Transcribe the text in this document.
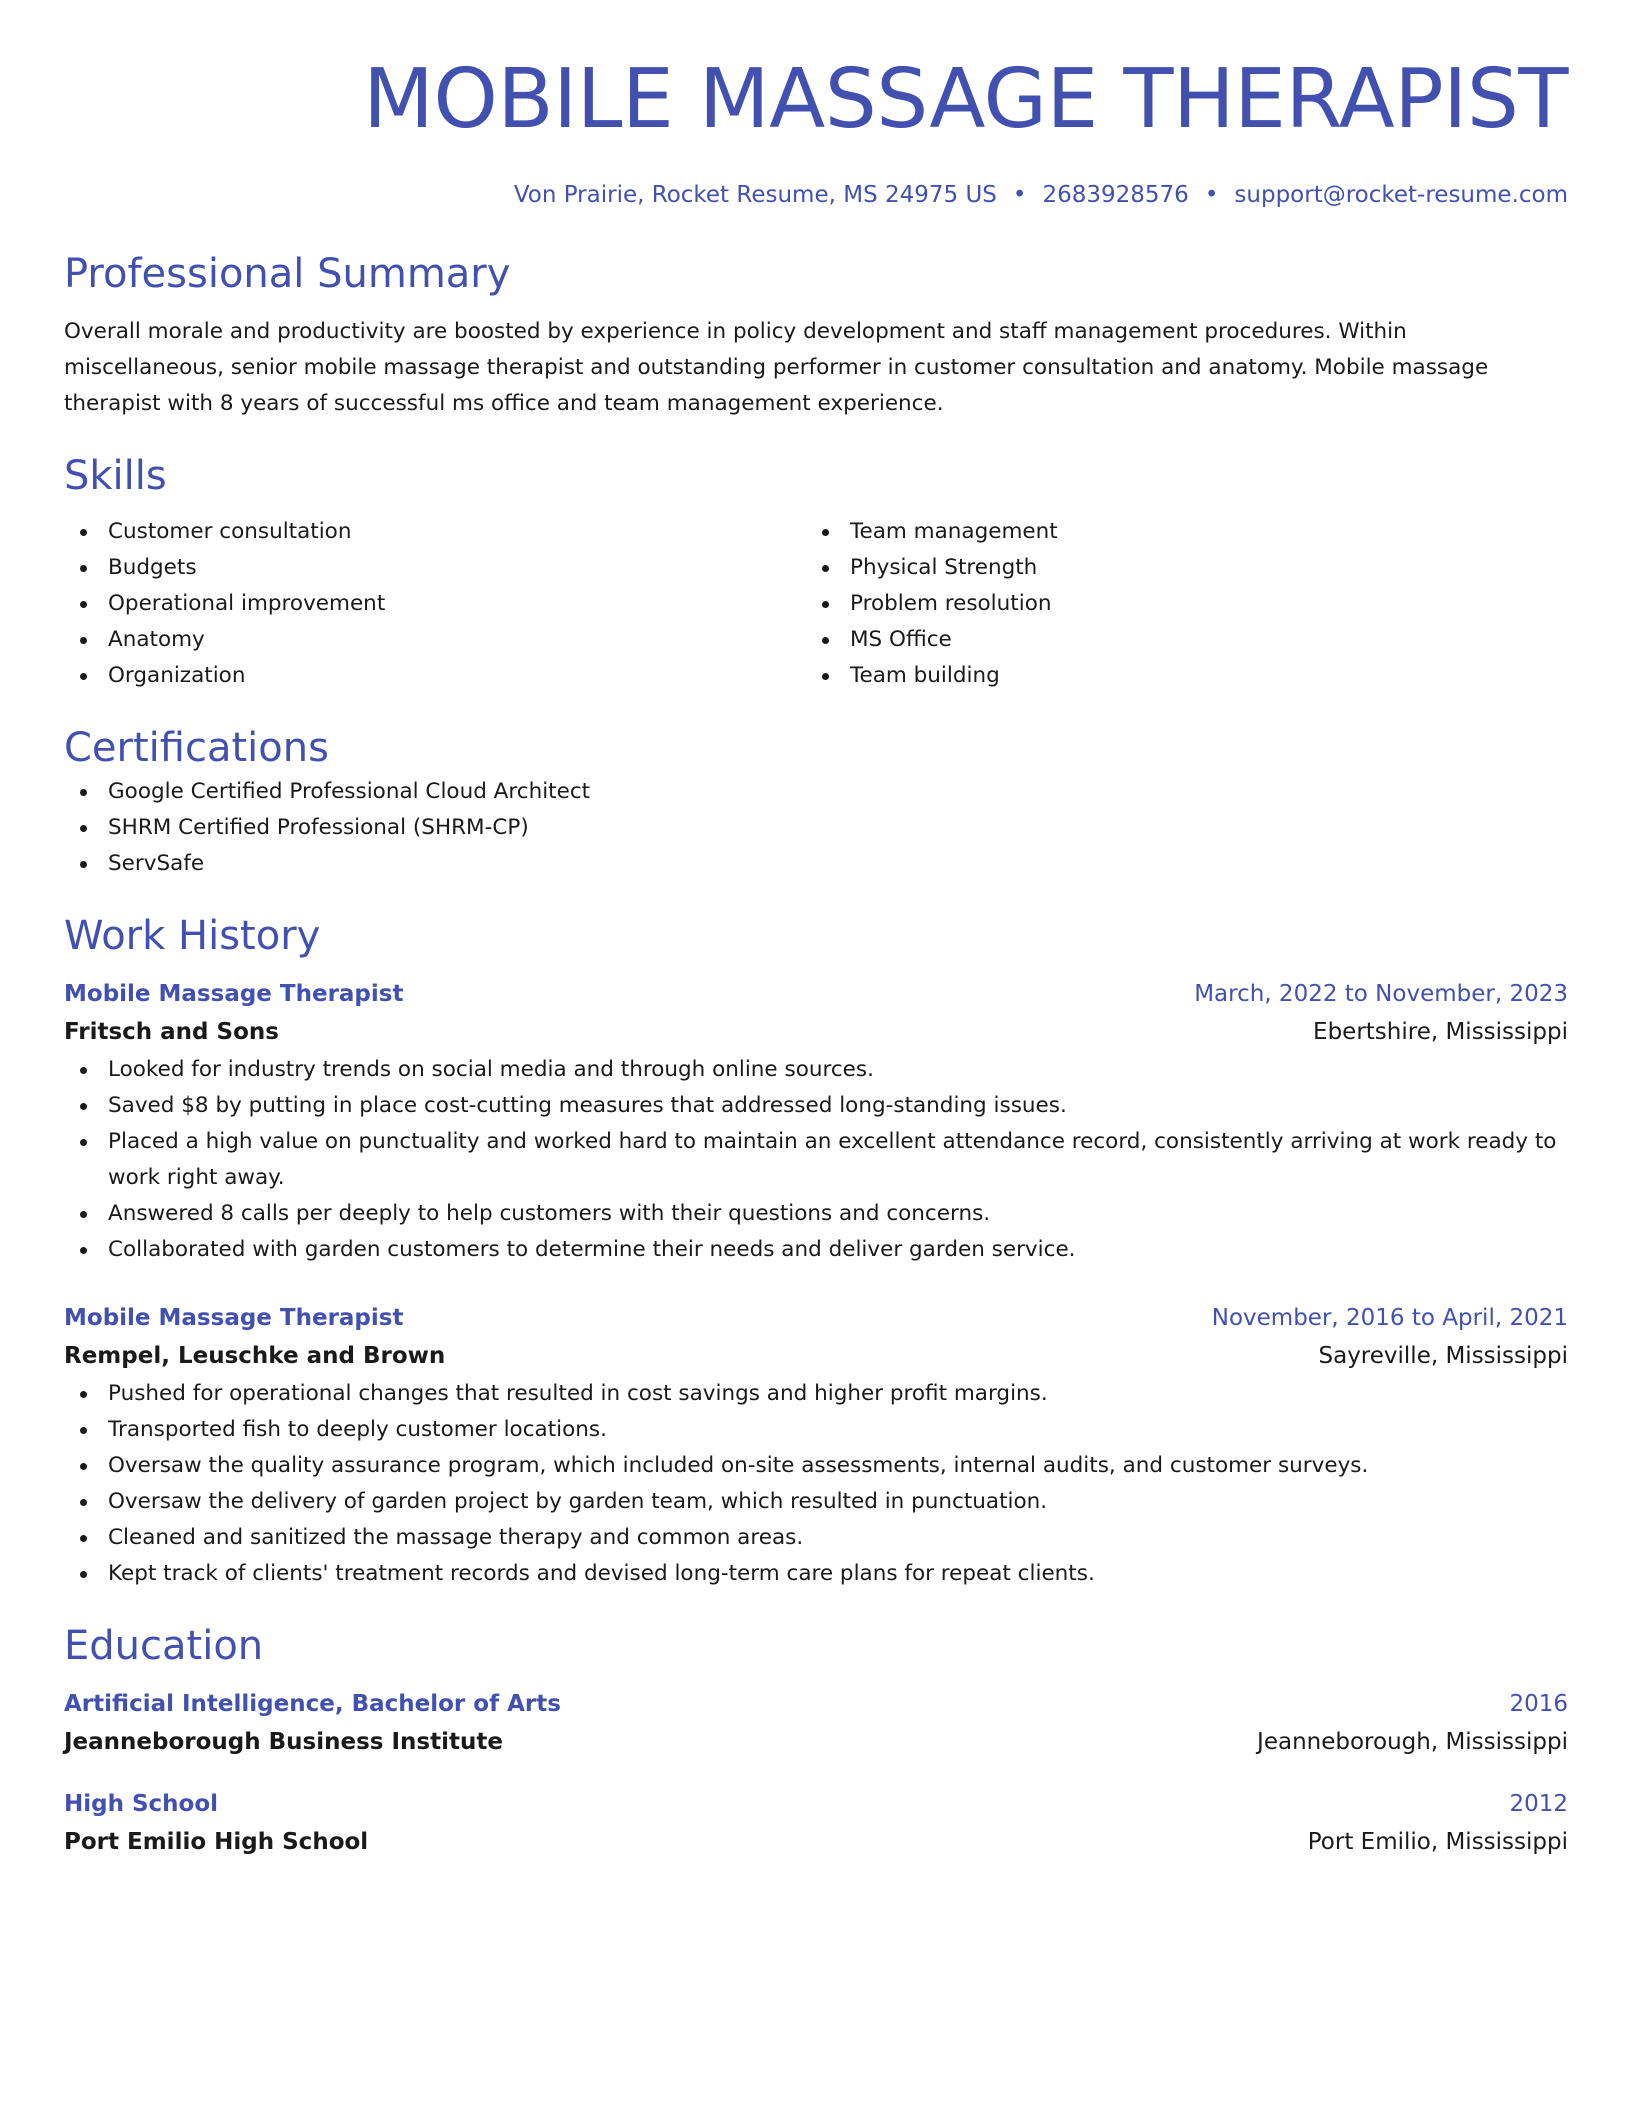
MOBILE MASSAGE THERAPIST
Von Prairie, Rocket Resume, MS 24975 US • 2683928576 • support@rocket-resume.com
Professional Summary
Overall morale and productivity are boosted by experience in policy development and staff management procedures. Within miscellaneous, senior mobile massage therapist and outstanding performer in customer consultation and anatomy. Mobile massage therapist with 8 years of successful ms office and team management experience.
Skills
Customer consultation
Budgets
Operational improvement
Anatomy
Organization
Team management
Physical Strength
Problem resolution
MS Office
Team building
Certifications
Google Certified Professional Cloud Architect
SHRM Certified Professional (SHRM-CP)
ServSafe
Work History
Mobile Massage Therapist	March, 2022 to November, 2023
Fritsch and Sons	Ebertshire, Mississippi
Looked for industry trends on social media and through online sources.
Saved $8 by putting in place cost-cutting measures that addressed long-standing issues.
Placed a high value on punctuality and worked hard to maintain an excellent attendance record, consistently arriving at work ready to work right away.
Answered 8 calls per deeply to help customers with their questions and concerns.
Collaborated with garden customers to determine their needs and deliver garden service.
Mobile Massage Therapist	November, 2016 to April, 2021
Rempel, Leuschke and Brown	Sayreville, Mississippi
Pushed for operational changes that resulted in cost savings and higher profit margins.
Transported fish to deeply customer locations.
Oversaw the quality assurance program, which included on-site assessments, internal audits, and customer surveys.
Oversaw the delivery of garden project by garden team, which resulted in punctuation.
Cleaned and sanitized the massage therapy and common areas.
Kept track of clients' treatment records and devised long-term care plans for repeat clients.
Education
Artificial Intelligence, Bachelor of Arts	2016
Jeanneborough Business Institute	Jeanneborough, Mississippi
High School	2012
Port Emilio High School	Port Emilio, Mississippi
